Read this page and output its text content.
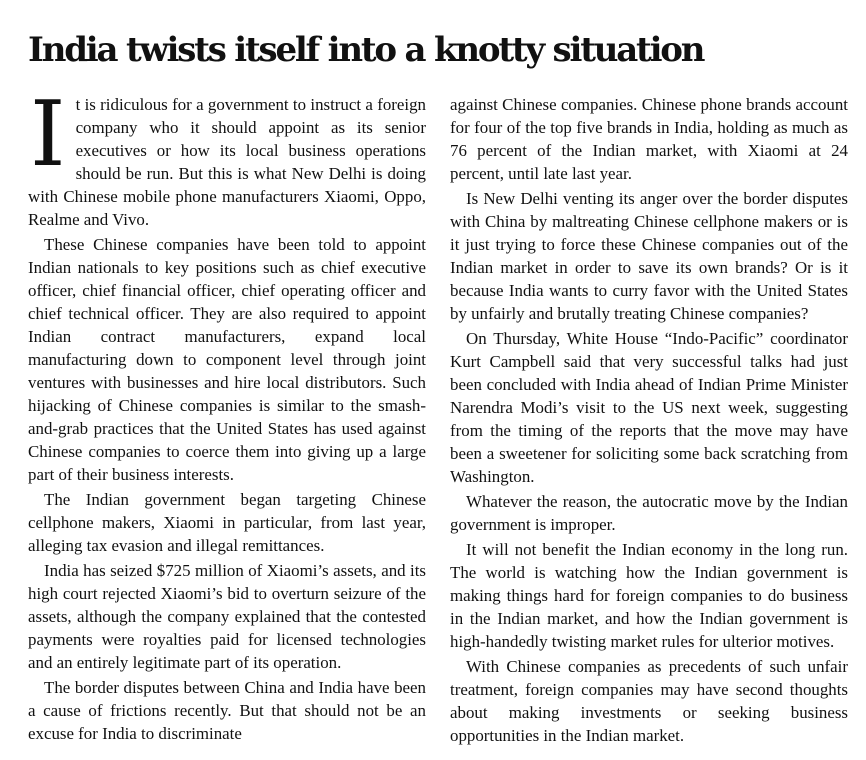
India twists itself into a knotty situation

It is ridiculous for a government to instruct a foreign company who it should appoint as its senior executives or how its local business operations should be run. But this is what New Delhi is doing with Chinese mobile phone manufacturers Xiaomi, Oppo, Realme and Vivo.

These Chinese companies have been told to appoint Indian nationals to key positions such as chief executive officer, chief financial officer, chief operating officer and chief technical officer. They are also required to appoint Indian contract manufacturers, expand local manufacturing down to component level through joint ventures with businesses and hire local distributors. Such hijacking of Chinese companies is similar to the smash-and-grab practices that the United States has used against Chinese companies to coerce them into giving up a large part of their business interests.

The Indian government began targeting Chinese cellphone makers, Xiaomi in particular, from last year, alleging tax evasion and illegal remittances.

India has seized $725 million of Xiaomi’s assets, and its high court rejected Xiaomi’s bid to overturn seizure of the assets, although the company explained that the contested payments were royalties paid for licensed technologies and an entirely legitimate part of its operation.

The border disputes between China and India have been a cause of frictions recently. But that should not be an excuse for India to discriminate

against Chinese companies. Chinese phone brands account for four of the top five brands in India, holding as much as 76 percent of the Indian market, with Xiaomi at 24 percent, until late last year.

Is New Delhi venting its anger over the border disputes with China by maltreating Chinese cellphone makers or is it just trying to force these Chinese companies out of the Indian market in order to save its own brands? Or is it because India wants to curry favor with the United States by unfairly and brutally treating Chinese companies?

On Thursday, White House “Indo-Pacific” coordinator Kurt Campbell said that very successful talks had just been concluded with India ahead of Indian Prime Minister Narendra Modi’s visit to the US next week, suggesting from the timing of the reports that the move may have been a sweetener for soliciting some back scratching from Washington.

Whatever the reason, the autocratic move by the Indian government is improper.

It will not benefit the Indian economy in the long run. The world is watching how the Indian government is making things hard for foreign companies to do business in the Indian market, and how the Indian government is high-handedly twisting market rules for ulterior motives.

With Chinese companies as precedents of such unfair treatment, foreign companies may have second thoughts about making investments or seeking business opportunities in the Indian market.
